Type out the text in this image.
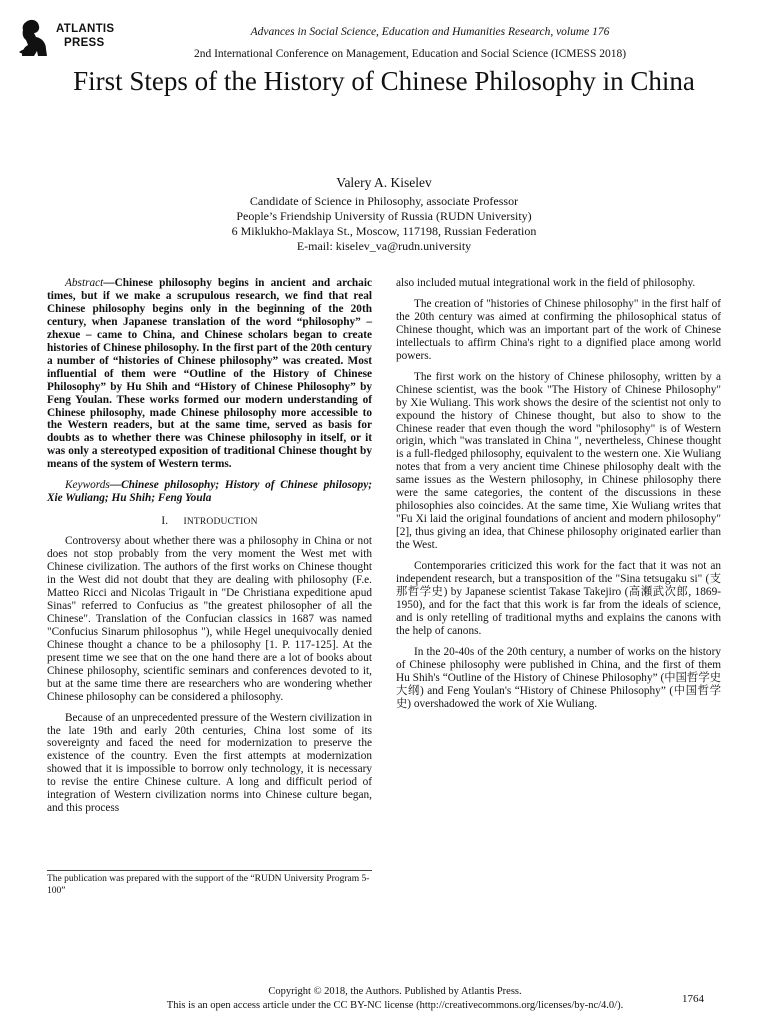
ATLANTIS
PRESS
Advances in Social Science, Education and Humanities Research, volume 176
2nd International Conference on Management, Education and Social Science (ICMESS 2018)
First Steps of the History of Chinese Philosophy in China
Valery A. Kiselev
Candidate of Science in Philosophy, associate Professor
People’s Friendship University of Russia (RUDN University)
6 Miklukho-Maklaya St., Moscow, 117198, Russian Federation
E-mail: kiselev_va@rudn.university

Abstract—Chinese philosophy begins in ancient and archaic times, but if we make a scrupulous research, we find that real Chinese philosophy begins only in the beginning of the 20th century, when Japanese translation of the word “philosophy” – zhexue – came to China, and Chinese scholars began to create histories of Chinese philosophy. In the first part of the 20th century a number of “histories of Chinese philosophy” was created. Most influential of them were “Outline of the History of Chinese Philosophy” by Hu Shih and “History of Chinese Philosophy” by Feng Youlan. These works formed our modern understanding of Chinese philosophy, made Chinese philosophy more accessible to the Western readers, but at the same time, served as basis for doubts as to whether there was Chinese philosophy in itself, or it was only a stereotyped exposition of traditional Chinese thought by means of the system of Western terms.

Keywords—Chinese philosophy; History of Chinese philosopy; Xie Wuliang; Hu Shih; Feng Youla

I. INTRODUCTION

Controversy about whether there was a philosophy in China or not does not stop probably from the very moment the West met with Chinese civilization. The authors of the first works on Chinese thought in the West did not doubt that they are dealing with philosophy (F.e. Matteo Ricci and Nicolas Trigault in "De Christiana expeditione apud Sinas" referred to Confucius as "the greatest philosopher of all the Chinese". Translation of the Confucian classics in 1687 was named "Confucius Sinarum philosophus "), while Hegel unequivocally denied Chinese thought a chance to be a philosophy [1. P. 117-125]. At the present time we see that on the one hand there are a lot of books about Chinese philosophy, scientific seminars and conferences devoted to it, but at the same time there are researchers who are wondering whether Chinese philosophy can be considered a philosophy.

Because of an unprecedented pressure of the Western civilization in the late 19th and early 20th centuries, China lost some of its sovereignty and faced the need for modernization to preserve the existence of the country. Even the first attempts at modernization showed that it is impossible to borrow only technology, it is necessary to revise the entire Chinese culture. A long and difficult period of integration of Western civilization norms into Chinese culture began, and this process

The publication was prepared with the support of the “RUDN University Program 5-100”

also included mutual integrational work in the field of philosophy.

The creation of "histories of Chinese philosophy" in the first half of the 20th century was aimed at confirming the philosophical status of Chinese thought, which was an important part of the work of Chinese intellectuals to affirm China's right to a dignified place among world powers.

The first work on the history of Chinese philosophy, written by a Chinese scientist, was the book "The History of Chinese Philosophy" by Xie Wuliang. This work shows the desire of the scientist not only to expound the history of Chinese thought, but also to show to the Chinese reader that even though the word "philosophy" is of Western origin, which "was translated in China ", nevertheless, Chinese thought is a full-fledged philosophy, equivalent to the western one. Xie Wuliang notes that from a very ancient time Chinese philosophy dealt with the same issues as the Western philosophy, in Chinese philosophy there were the same categories, the content of the discussions in these philosophies also coincides. At the same time, Xie Wuliang writes that "Fu Xi laid the original foundations of ancient and modern philosophy" [2], thus giving an idea, that Chinese philosophy originated earlier than the West.

Contemporaries criticized this work for the fact that it was not an independent research, but a transposition of the "Sina tetsugaku si" (支那哲学史) by Japanese scientist Takase Takejiro (高瀬武次郎, 1869-1950), and for the fact that this work is far from the ideals of science, and is only retelling of traditional myths and explains the canons with the help of canons.

In the 20-40s of the 20th century, a number of works on the history of Chinese philosophy were published in China, and the first of them Hu Shih's “Outline of the History of Chinese Philosophy” (中国哲学史大纲) and Feng Youlan's “History of Chinese Philosophy” (中国哲学史) overshadowed the work of Xie Wuliang.

Copyright © 2018, the Authors. Published by Atlantis Press.
This is an open access article under the CC BY-NC license (http://creativecommons.org/licenses/by-nc/4.0/).
1764
